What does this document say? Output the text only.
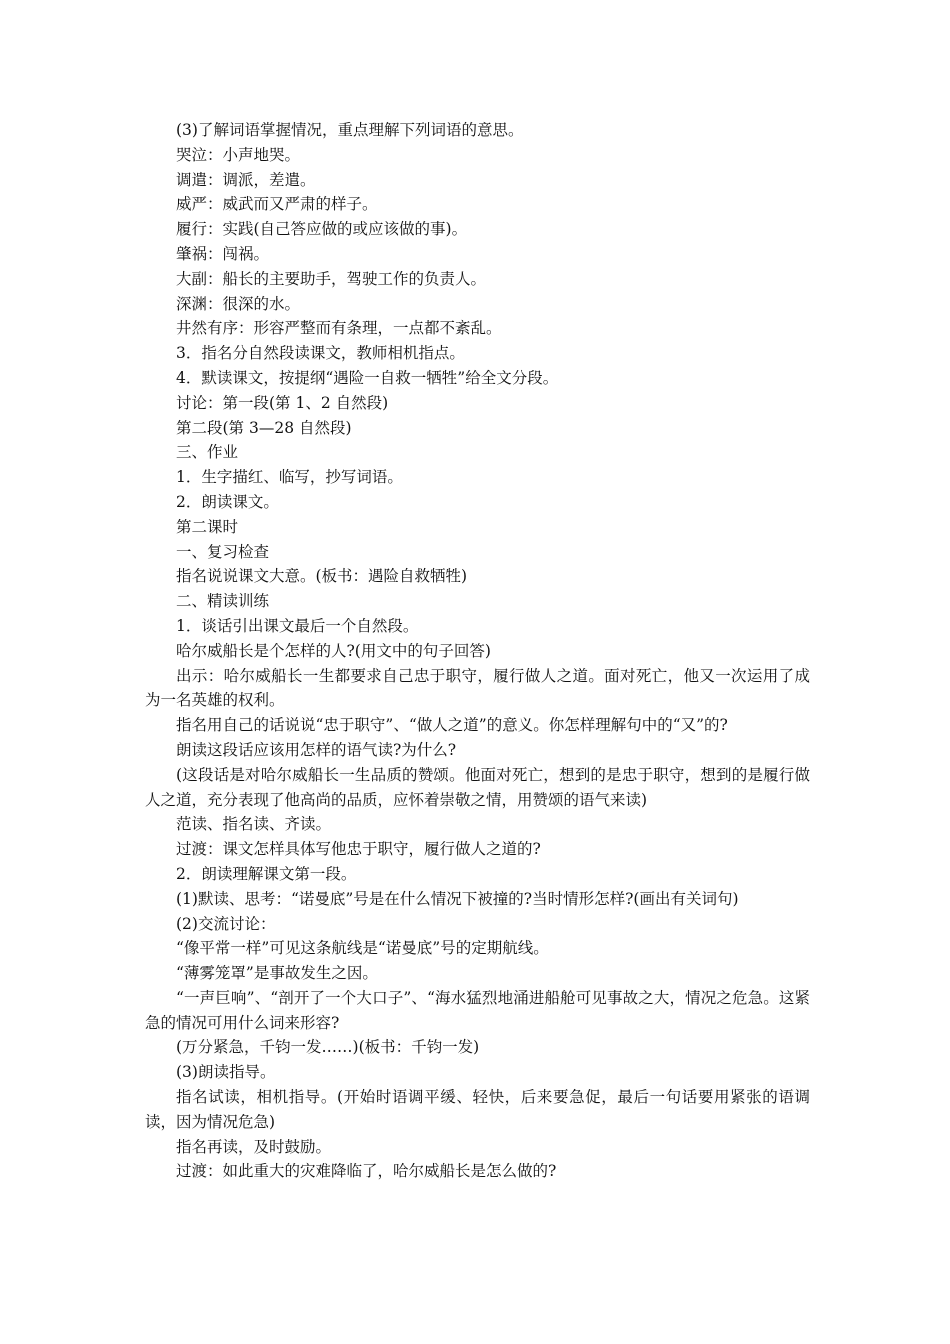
(3)了解词语掌握情况，重点理解下列词语的意思。

哭泣：小声地哭。

调遣：调派，差遣。

威严：威武而又严肃的样子。

履行：实践(自己答应做的或应该做的事)。

肇祸：闯祸。

大副：船长的主要助手，驾驶工作的负责人。

深渊：很深的水。

井然有序：形容严整而有条理，一点都不紊乱。

3．指名分自然段读课文，教师相机指点。

4．默读课文，按提纲“遇险一自救一牺牲”给全文分段。

讨论：第一段(第 1、2 自然段)

第二段(第 3—28 自然段)

三、作业

1．生字描红、临写，抄写词语。

2．朗读课文。

第二课时

一、复习检查

指名说说课文大意。(板书：遇险自救牺牲)

二、精读训练

1．谈话引出课文最后一个自然段。

哈尔威船长是个怎样的人?(用文中的句子回答)

出示：哈尔威船长一生都要求自己忠于职守，履行做人之道。面对死亡，他又一次运用了成为一名英雄的权利。

指名用自己的话说说“忠于职守”、“做人之道”的意义。你怎样理解句中的“又”的?

朗读这段话应该用怎样的语气读?为什么?

(这段话是对哈尔威船长一生品质的赞颂。他面对死亡，想到的是忠于职守，想到的是履行做人之道，充分表现了他高尚的品质，应怀着崇敬之情，用赞颂的语气来读)

范读、指名读、齐读。

过渡：课文怎样具体写他忠于职守，履行做人之道的?

2．朗读理解课文第一段。

(1)默读、思考：“诺曼底”号是在什么情况下被撞的?当时情形怎样?(画出有关词句)

(2)交流讨论：

“像平常一样”可见这条航线是“诺曼底”号的定期航线。

“薄雾笼罩”是事故发生之因。

“一声巨响”、“剖开了一个大口子”、“海水猛烈地涌进船舱可见事故之大，情况之危急。这紧急的情况可用什么词来形容?

(万分紧急，千钧一发……)(板书：千钧一发)

(3)朗读指导。

指名试读，相机指导。(开始时语调平缓、轻快，后来要急促，最后一句话要用紧张的语调读，因为情况危急)

指名再读，及时鼓励。

过渡：如此重大的灾难降临了，哈尔威船长是怎么做的?
